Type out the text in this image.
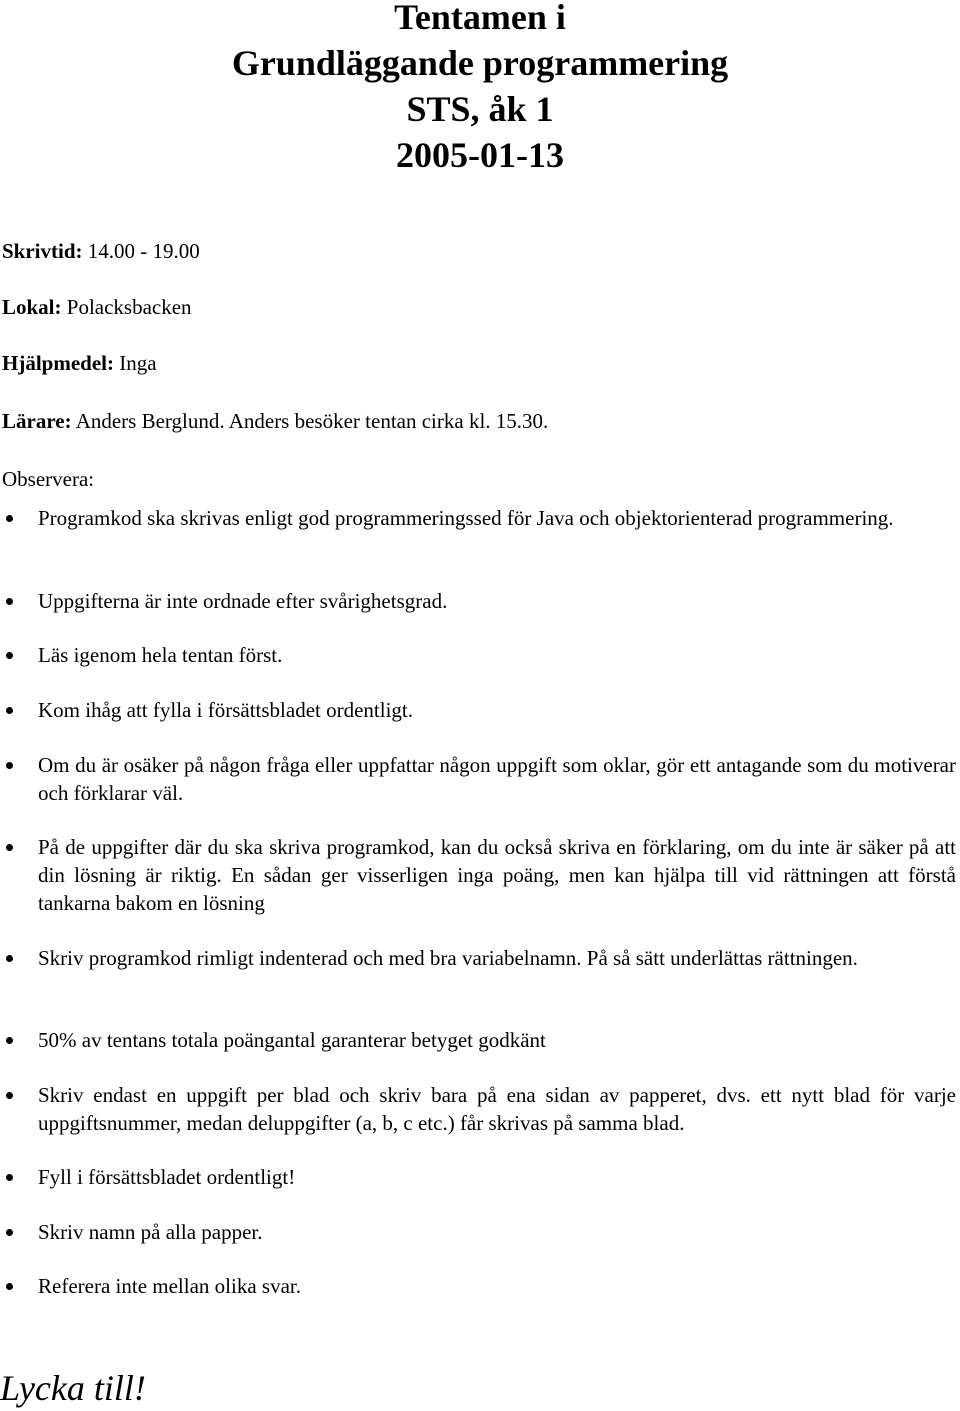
Tentamen i

Grundläggande programmering

STS, åk 1

2005-01-13

Skrivtid: 14.00 - 19.00
Lokal: Polacksbacken
Hjälpmedel: Inga
Lärare: Anders Berglund. Anders besöker tentan cirka kl. 15.30.
Observera:
Programkod ska skrivas enligt god programmeringssed för Java och objektorienterad programmering.
Uppgifterna är inte ordnade efter svårighetsgrad.
Läs igenom hela tentan först.
Kom ihåg att fylla i försättsbladet ordentligt.
Om du är osäker på någon fråga eller uppfattar någon uppgift som oklar, gör ett antagande som du motiverar och förklarar väl.
På de uppgifter där du ska skriva programkod, kan du också skriva en förklaring, om du inte är säker på att din lösning är riktig. En sådan ger visserligen inga poäng, men kan hjälpa till vid rättningen att förstå tankarna bakom en lösning
Skriv programkod rimligt indenterad och med bra variabelnamn. På så sätt underlättas rättningen.
50% av tentans totala poängantal garanterar betyget godkänt
Skriv endast en uppgift per blad och skriv bara på ena sidan av papperet, dvs. ett nytt blad för varje uppgiftsnummer, medan deluppgifter (a, b, c etc.) får skrivas på samma blad.
Fyll i försättsbladet ordentligt!
Skriv namn på alla papper.
Referera inte mellan olika svar.
Lycka till!
